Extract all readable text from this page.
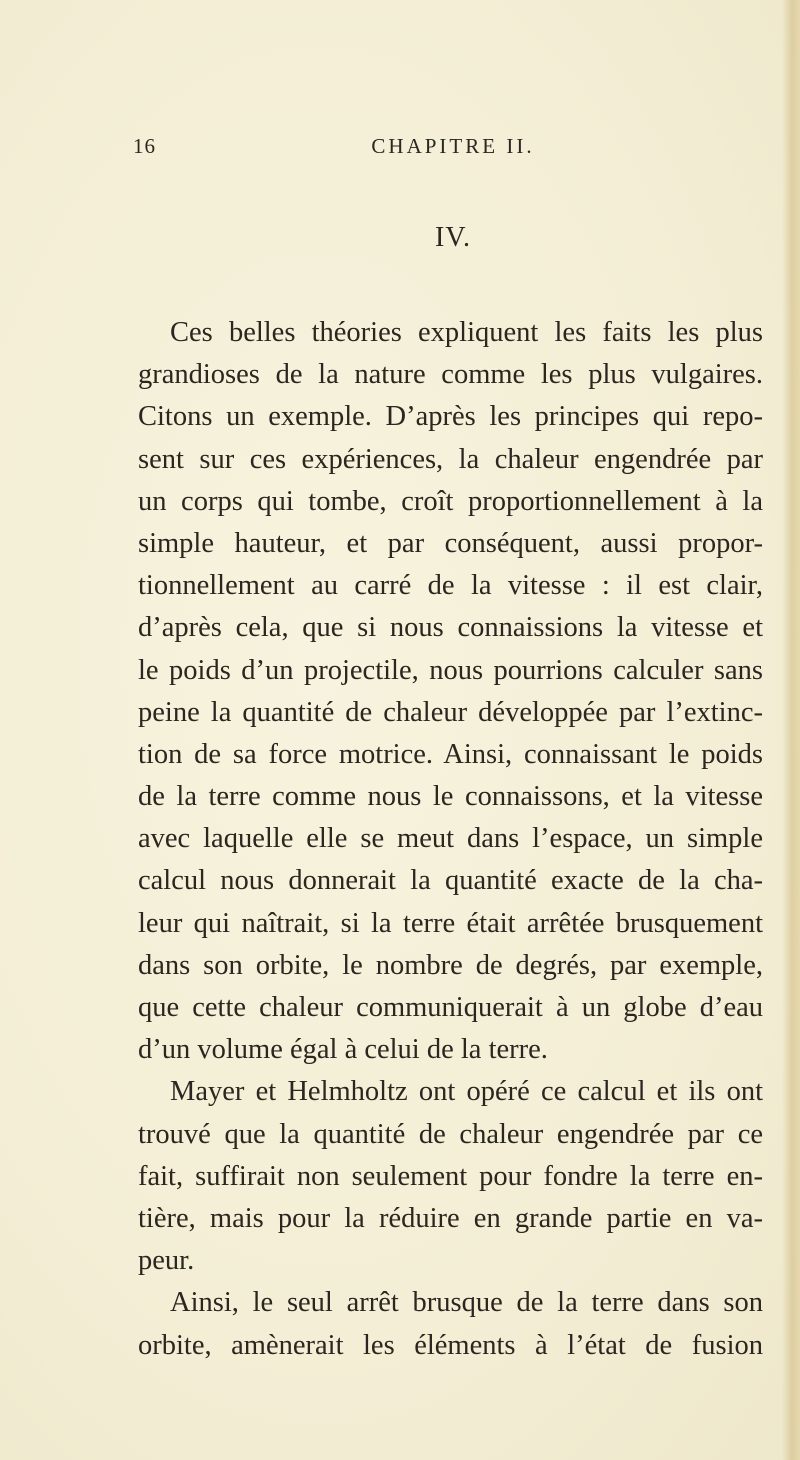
16	CHAPITRE II.
IV.
Ces belles théories expliquent les faits les plus
grandioses de la nature comme les plus vulgaires.
Citons un exemple. D’après les principes qui repo-
sent sur ces expériences, la chaleur engendrée par
un corps qui tombe, croît proportionnellement à la
simple hauteur, et par conséquent, aussi propor-
tionnellement au carré de la vitesse : il est clair,
d’après cela, que si nous connaissions la vitesse et
le poids d’un projectile, nous pourrions calculer sans
peine la quantité de chaleur développée par l’extinc-
tion de sa force motrice. Ainsi, connaissant le poids
de la terre comme nous le connaissons, et la vitesse
avec laquelle elle se meut dans l’espace, un simple
calcul nous donnerait la quantité exacte de la cha-
leur qui naîtrait, si la terre était arrêtée brusquement
dans son orbite, le nombre de degrés, par exemple,
que cette chaleur communiquerait à un globe d’eau
d’un volume égal à celui de la terre.
Mayer et Helmholtz ont opéré ce calcul et ils ont
trouvé que la quantité de chaleur engendrée par ce
fait, suffirait non seulement pour fondre la terre en-
tière, mais pour la réduire en grande partie en va-
peur.
Ainsi, le seul arrêt brusque de la terre dans son
orbite, amènerait les éléments à l’état de fusion
